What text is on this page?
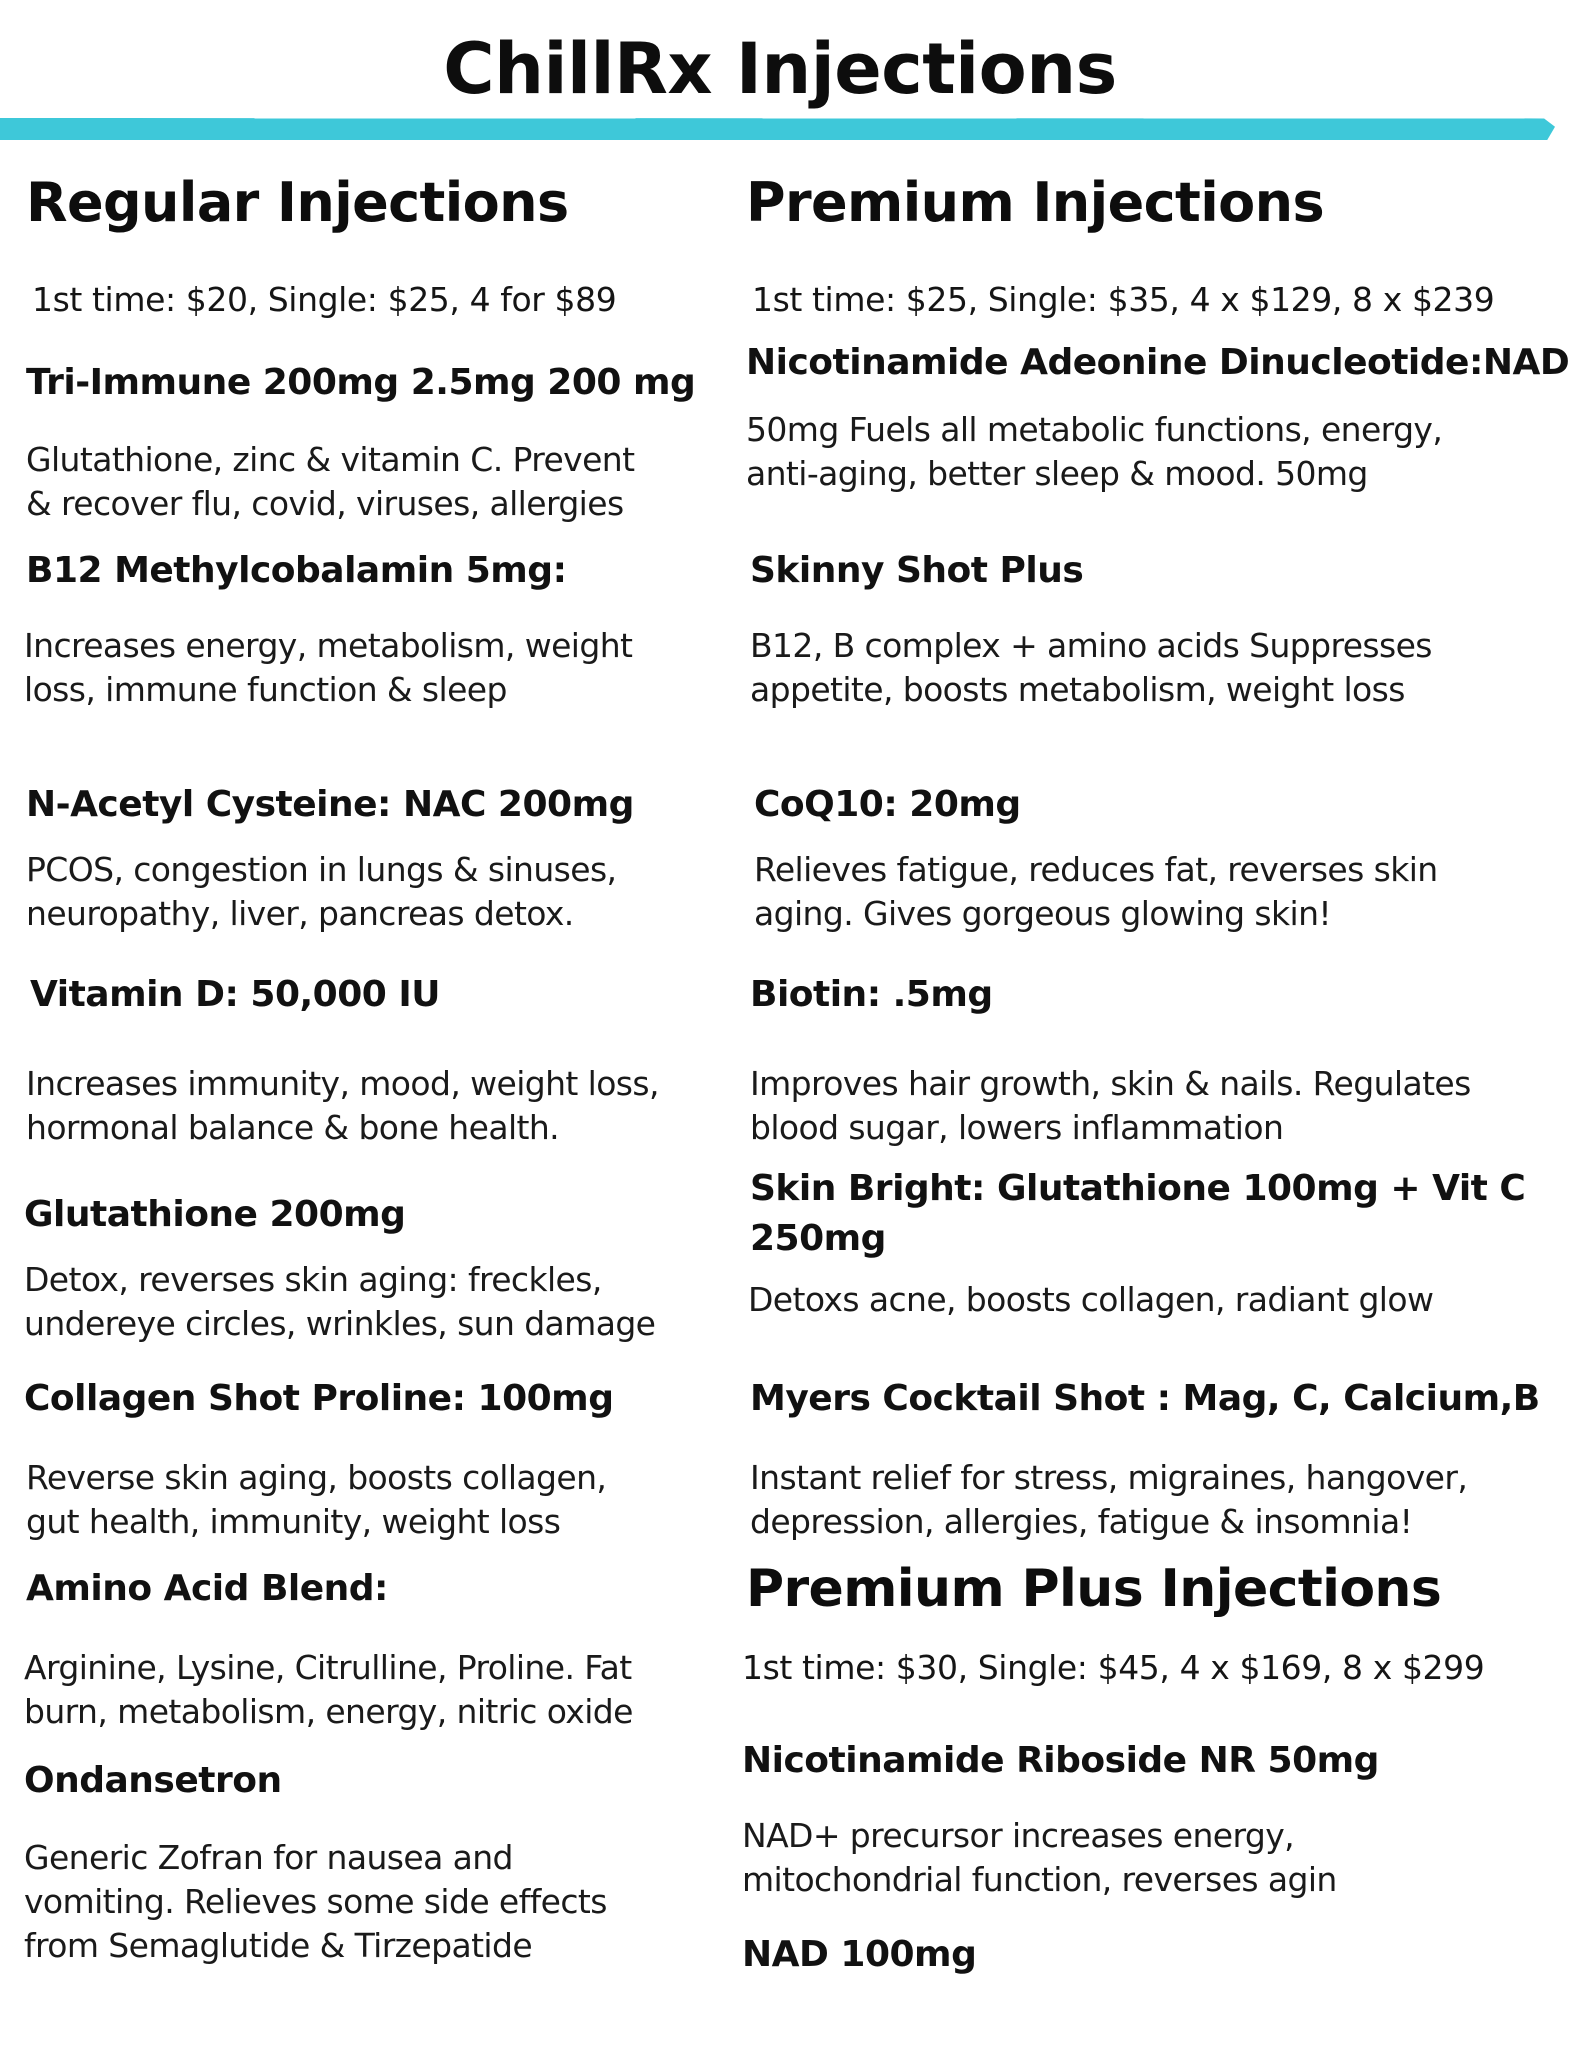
ChillRx Injections
Regular Injections
1st time: $20, Single: $25, 4 for $89
Tri-Immune 200mg 2.5mg 200 mg
Glutathione, zinc & vitamin C. Prevent
& recover flu, covid, viruses, allergies
B12 Methylcobalamin 5mg:
Increases energy, metabolism, weight
loss, immune function & sleep
N-Acetyl Cysteine: NAC 200mg
PCOS, congestion in lungs & sinuses,
neuropathy, liver, pancreas detox.
Vitamin D: 50,000 IU
Increases immunity, mood, weight loss,
hormonal balance & bone health.
Glutathione 200mg
Detox, reverses skin aging: freckles,
undereye circles, wrinkles, sun damage
Collagen Shot Proline: 100mg
Reverse skin aging, boosts collagen,
gut health, immunity, weight loss
Amino Acid Blend:
Arginine, Lysine, Citrulline, Proline. Fat
burn, metabolism, energy, nitric oxide
Ondansetron
Generic Zofran for nausea and
vomiting. Relieves some side effects
from Semaglutide & Tirzepatide
Premium Injections
1st time: $25, Single: $35, 4 x $129, 8 x $239
Nicotinamide Adeonine Dinucleotide:NAD
50mg Fuels all metabolic functions, energy,
anti-aging, better sleep & mood. 50mg
Skinny Shot Plus
B12, B complex + amino acids Suppresses
appetite, boosts metabolism, weight loss
CoQ10: 20mg
Relieves fatigue, reduces fat, reverses skin
aging. Gives gorgeous glowing skin!
Biotin: .5mg
Improves hair growth, skin & nails. Regulates
blood sugar, lowers inflammation
Skin Bright: Glutathione 100mg + Vit C
250mg
Detoxs acne, boosts collagen, radiant glow
Myers Cocktail Shot : Mag, C, Calcium,B
Instant relief for stress, migraines, hangover,
depression, allergies, fatigue & insomnia!
Premium Plus Injections
1st time: $30, Single: $45, 4 x $169, 8 x $299
Nicotinamide Riboside NR 50mg
NAD+ precursor increases energy,
mitochondrial function, reverses agin
NAD 100mg
